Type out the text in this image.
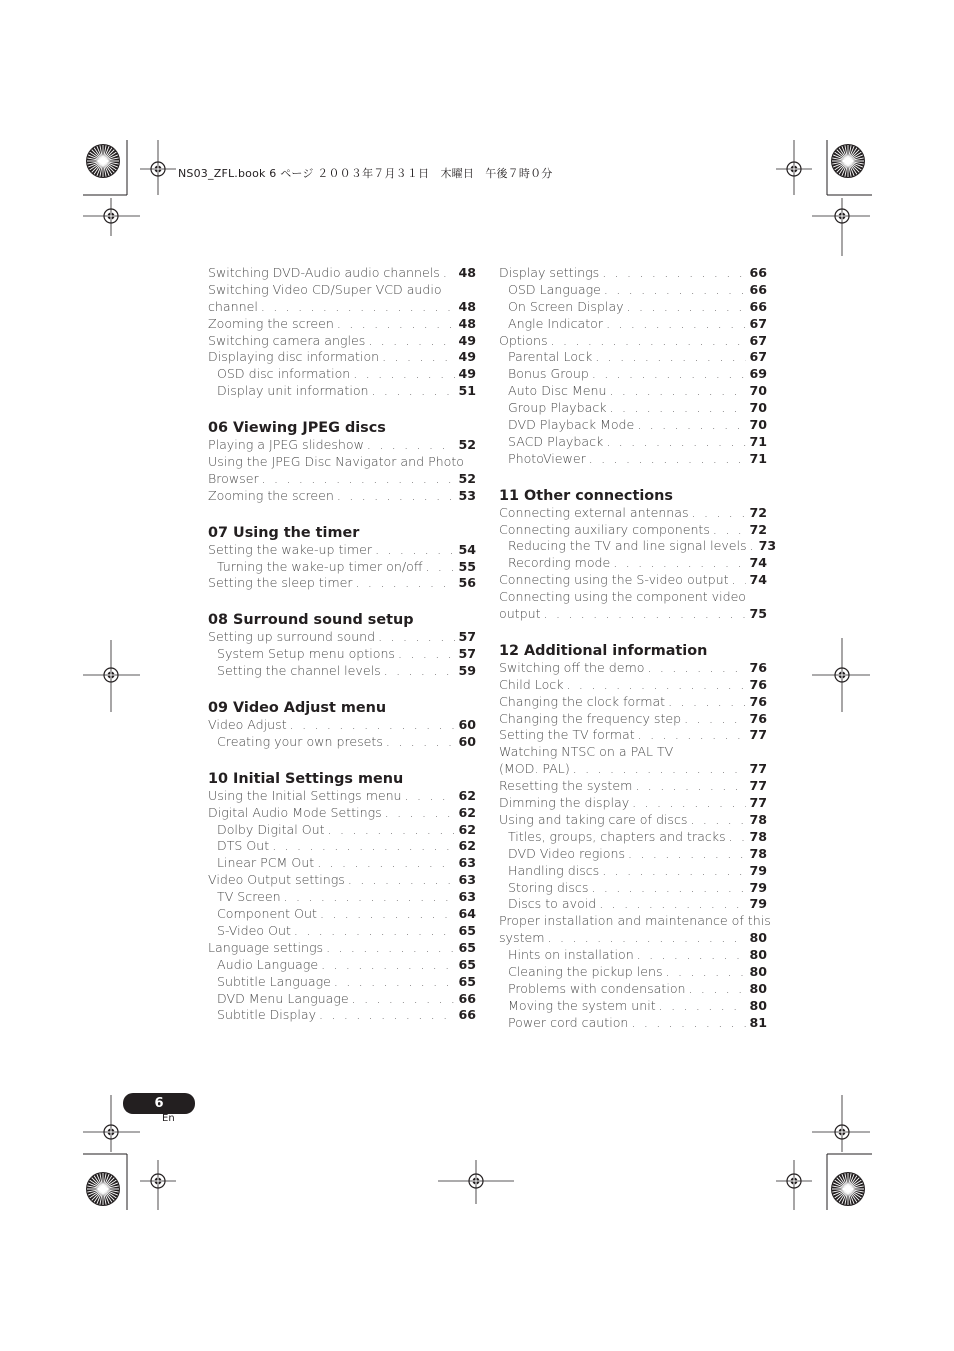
NS03_ZFL.book 6 ページ ２００３年７月３１日　木曜日　午後７時０分
Switching DVD-Audio audio channels . . . 48
Switching Video CD/Super VCD audio
channel . . .	48
Zooming the screen . . .	48
Switching camera angles . . .	49
Displaying disc information . . .	49
OSD disc information . . .	49
Display unit information . . .	51
06 Viewing JPEG discs
Playing a JPEG slideshow . . .	52
Using the JPEG Disc Navigator and Photo
Browser . . .	52
Zooming the screen . . .	53
07 Using the timer
Setting the wake-up timer . . .	54
Turning the wake-up timer on/off . . .	55
Setting the sleep timer . . .	56
08 Surround sound setup
Setting up surround sound . . .	57
System Setup menu options . . .	57
Setting the channel levels . . .	59
09 Video Adjust menu
Video Adjust . . .	60
Creating your own presets . . .	60
10 Initial Settings menu
Using the Initial Settings menu . . .	62
Digital Audio Mode Settings . . .	62
Dolby Digital Out . . .	62
DTS Out . . .	62
Linear PCM Out . . .	63
Video Output settings . . .	63
TV Screen . . .	63
Component Out . . .	64
S-Video Out . . .	65
Language settings . . .	65
Audio Language . . .	65
Subtitle Language . . .	65
DVD Menu Language . . .	66
Subtitle Display . . .	66
Display settings . . .	66
OSD Language . . .	66
On Screen Display . . .	66
Angle Indicator . . .	67
Options . . .	67
Parental Lock . . .	67
Bonus Group . . .	69
Auto Disc Menu . . .	70
Group Playback . . .	70
DVD Playback Mode . . .	70
SACD Playback . . .	71
PhotoViewer . . .	71
11 Other connections
Connecting external antennas . . .	72
Connecting auxiliary components . . .	72
Reducing the TV and line signal levels . . . 73
Recording mode . . .	74
Connecting using the S-video output . . . 74
Connecting using the component video
output . . .	75
12 Additional information
Switching off the demo . . .	76
Child Lock . . .	76
Changing the clock format . . .	76
Changing the frequency step . . .	76
Setting the TV format . . .	77
Watching NTSC on a PAL TV
(MOD. PAL) . . .	77
Resetting the system . . .	77
Dimming the display . . .	77
Using and taking care of discs . . .	78
Titles, groups, chapters and tracks . . . 78
DVD Video regions . . .	78
Handling discs . . .	79
Storing discs . . .	79
Discs to avoid . . .	79
Proper installation and maintenance of this
system . . .	80
Hints on installation . . .	80
Cleaning the pickup lens . . .	80
Problems with condensation . . .	80
Moving the system unit . . .	80
Power cord caution . . .	81
6
En
